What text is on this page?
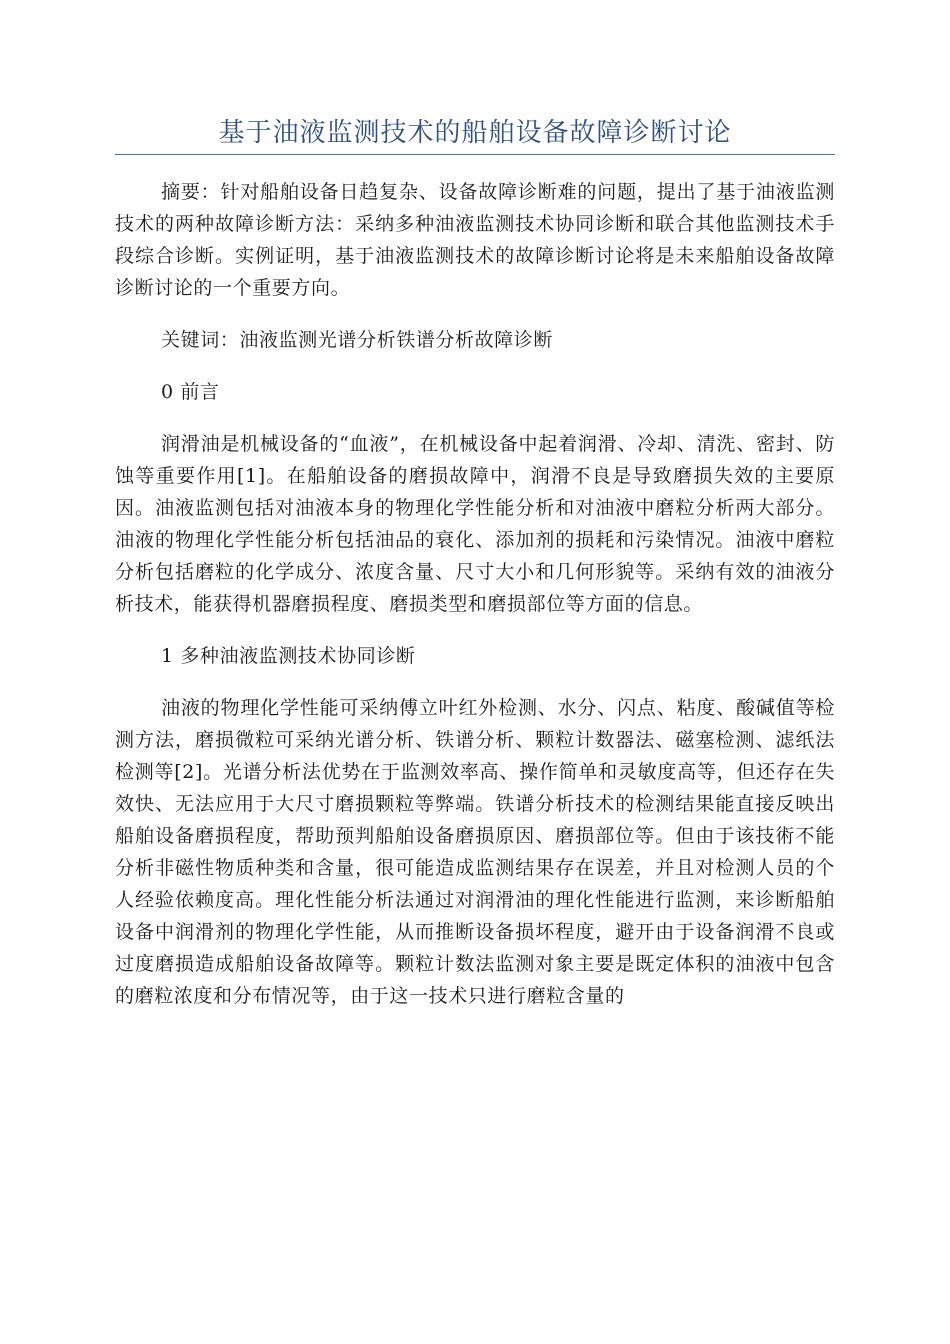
基于油液监测技术的船舶设备故障诊断讨论

摘要：针对船舶设备日趋复杂、设备故障诊断难的问题，提出了基于油液监测技术的两种故障诊断方法：采纳多种油液监测技术协同诊断和联合其他监测技术手段综合诊断。实例证明，基于油液监测技术的故障诊断讨论将是未来船舶设备故障诊断讨论的一个重要方向。

关键词：油液监测光谱分析铁谱分析故障诊断

0 前言

润滑油是机械设备的“血液”，在机械设备中起着润滑、冷却、清洗、密封、防蚀等重要作用[1]。在船舶设备的磨损故障中，润滑不良是导致磨损失效的主要原因。油液监测包括对油液本身的物理化学性能分析和对油液中磨粒分析两大部分。油液的物理化学性能分析包括油品的衰化、添加剂的损耗和污染情况。油液中磨粒分析包括磨粒的化学成分、浓度含量、尺寸大小和几何形貌等。采纳有效的油液分析技术，能获得机器磨损程度、磨损类型和磨损部位等方面的信息。

1 多种油液监测技术协同诊断

油液的物理化学性能可采纳傅立叶红外检测、水分、闪点、粘度、酸碱值等检测方法，磨损微粒可采纳光谱分析、铁谱分析、颗粒计数器法、磁塞检测、滤纸法检测等[2]。光谱分析法优势在于监测效率高、操作简单和灵敏度高等，但还存在失效快、无法应用于大尺寸磨损颗粒等弊端。铁谱分析技术的检测结果能直接反映出船舶设备磨损程度，帮助预判船舶设备磨损原因、磨损部位等。但由于该技術不能分析非磁性物质种类和含量，很可能造成监测结果存在误差，并且对检测人员的个人经验依赖度高。理化性能分析法通过对润滑油的理化性能进行监测，来诊断船舶设备中润滑剂的物理化学性能，从而推断设备损坏程度，避开由于设备润滑不良或过度磨损造成船舶设备故障等。颗粒计数法监测对象主要是既定体积的油液中包含的磨粒浓度和分布情况等，由于这一技术只进行磨粒含量的
